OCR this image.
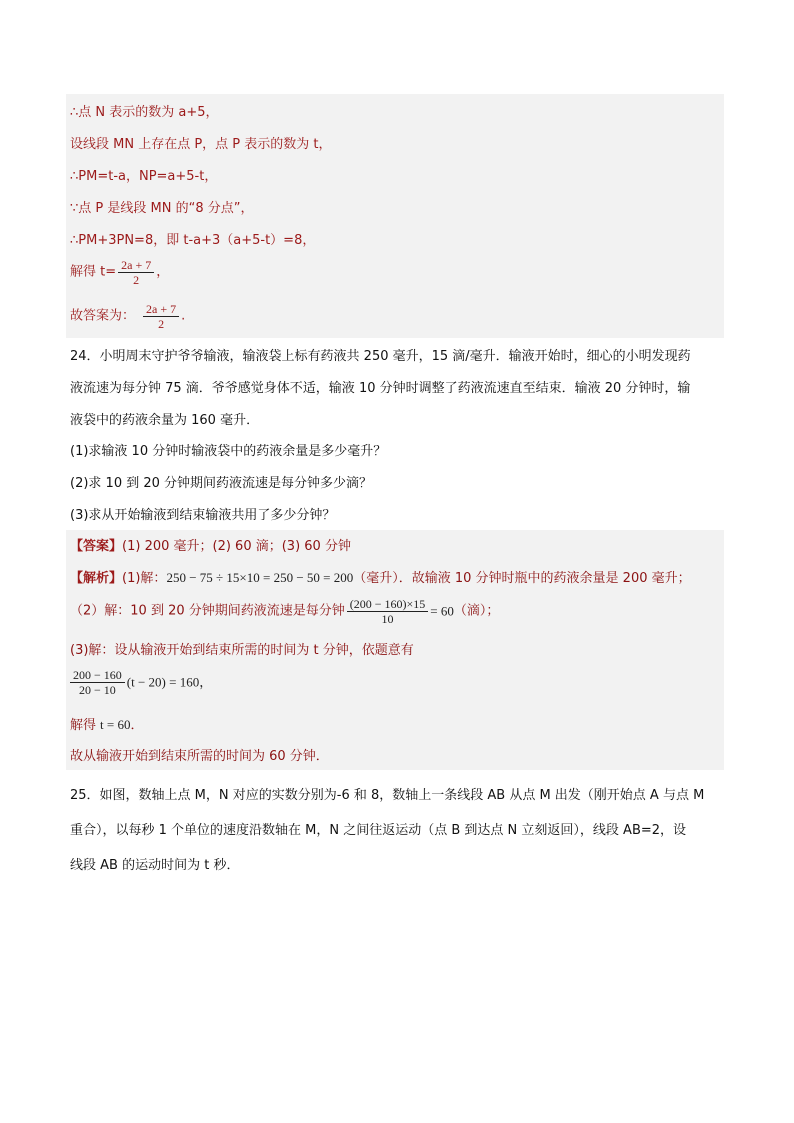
∴点 N 表示的数为 a+5，
设线段 MN 上存在点 P，点 P 表示的数为 t，
∴PM=t-a，NP=a+5-t，
∵点 P 是线段 MN 的“8 分点”，
∴PM+3PN=8，即 t-a+3（a+5-t）=8，
解得 $t= \frac{2a + 7}{2}$ ，
故答案为： $\frac{2a + 7}{2}$ .
24．小明周末守护爷爷输液，输液袋上标有药液共 250 毫升，15 滴/毫升．输液开始时，细心的小明发现药
液流速为每分钟 75 滴．爷爷感觉身体不适，输液 10 分钟时调整了药液流速直至结束．输液 20 分钟时，输
液袋中的药液余量为 160 毫升．
(1)求输液 10 分钟时输液袋中的药液余量是多少毫升？
(2)求 10 到 20 分钟期间药液流速是每分钟多少滴？
(3)求从开始输液到结束输液共用了多少分钟？
【答案】(1) 200 毫升；(2) 60 滴；(3) 60 分钟
【解析】(1)解：250 − 75 ÷ 15×10 = 250 − 50 = 200（毫升）．故输液 10 分钟时瓶中的药液余量是 200 毫升；
（2）解：10 到 20 分钟期间药液流速是每分钟 $\frac{(200 - 160)\times 15}{10} = 60$（滴）；
(3)解：设从输液开始到结束所需的时间为 t 分钟，依题意有
$\frac{200 - 160}{20 - 10} (t - 20) = 160$，
解得 t = 60．
故从输液开始到结束所需的时间为 60 分钟．
25．如图，数轴上点 M，N 对应的实数分别为-6 和 8，数轴上一条线段 AB 从点 M 出发（刚开始点 A 与点 M
重合），以每秒 1 个单位的速度沿数轴在 M，N 之间往返运动（点 B 到达点 N 立刻返回），线段 AB=2，设
线段 AB 的运动时间为 t 秒．
